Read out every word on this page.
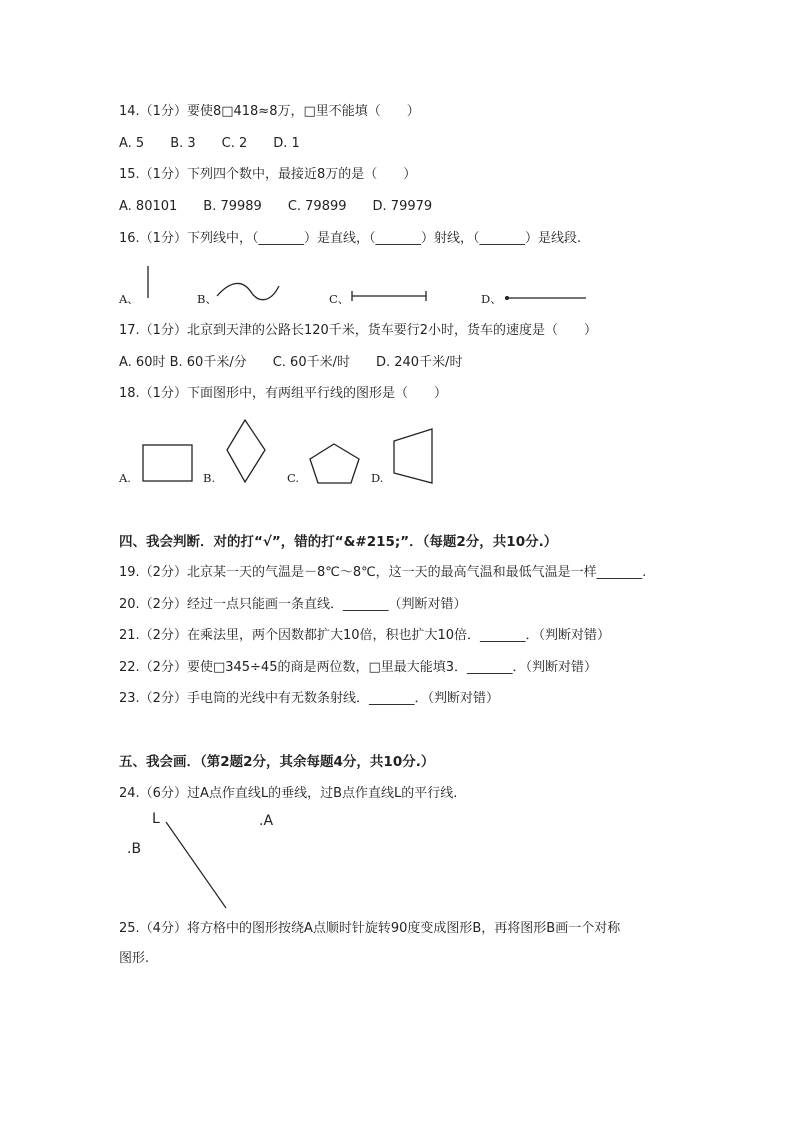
14.（1分）要使8□418≈8万，□里不能填（　　）
A. 5　　B. 3　　C. 2　　D. 1
15.（1分）下列四个数中，最接近8万的是（　　）
A. 80101　　B. 79989　　C. 79899　　D. 79979
16.（1分）下列线中，（_______）是直线，（_______）射线，（_______）是线段.
A、	B、	C、	D、
17.（1分）北京到天津的公路长120千米，货车要行2小时，货车的速度是（　　）
A. 60时 B. 60千米/分　　C. 60千米/时　　D. 240千米/时
18.（1分）下面图形中，有两组平行线的图形是（　　）
A.	B.	C.	D.
四、我会判断．对的打“√”，错的打“&#215;”．（每题2分，共10分.）
19.（2分）北京某一天的气温是－8℃～8℃，这一天的最高气温和最低气温是一样_______.
20.（2分）经过一点只能画一条直线．_______（判断对错）
21.（2分）在乘法里，两个因数都扩大10倍，积也扩大10倍．_______．（判断对错）
22.（2分）要使□345÷45的商是两位数，□里最大能填3．_______．（判断对错）
23.（2分）手电筒的光线中有无数条射线．_______．（判断对错）
五、我会画．（第2题2分，其余每题4分，共10分.）
24.（6分）过A点作直线L的垂线，过B点作直线L的平行线.
L	.A
.B
25.（4分）将方格中的图形按绕A点顺时针旋转90度变成图形B，再将图形B画一个对称
图形.
